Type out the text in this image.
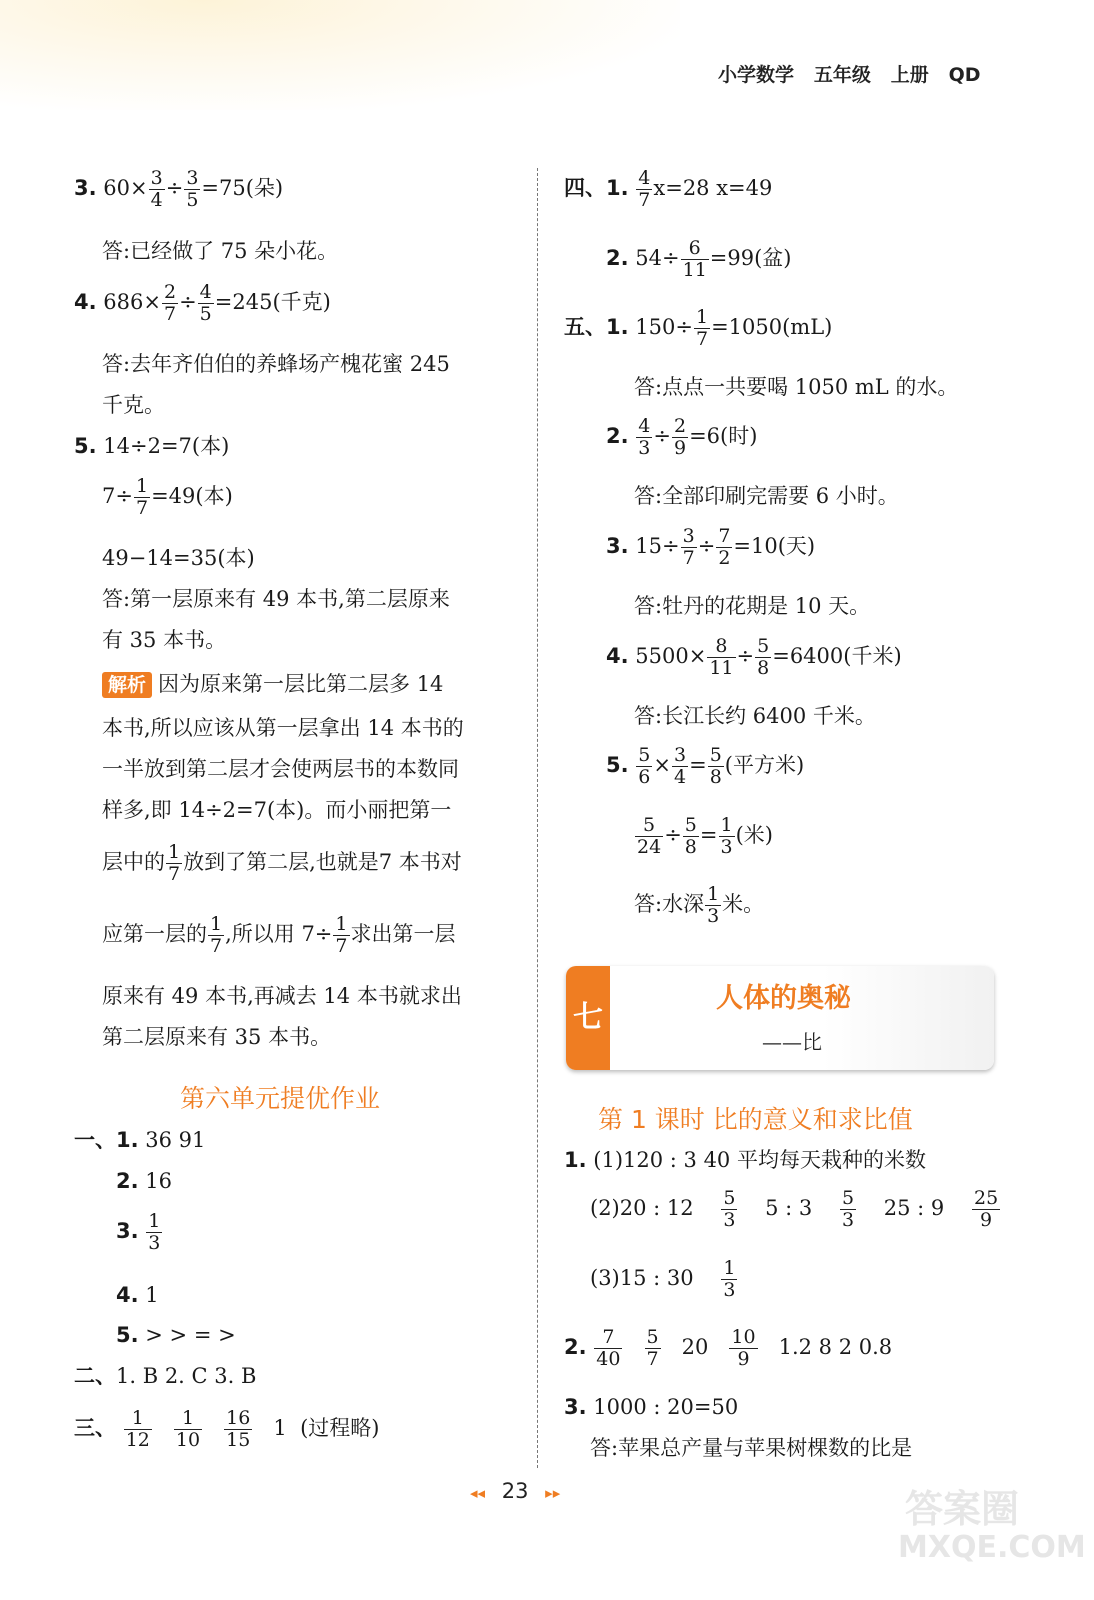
小学数学 五年级 上册 QD
3. $60\times \frac{3}{4} \div \frac{3}{5} =75$(朵)
答:已经做了 75 朵小花。
4. $686\times \frac{2}{7} \div \frac{4}{5} =245$(千克)
答:去年齐伯伯的养蜂场产槐花蜜 245
千克。
5. 14÷2=7(本)
$7\div \frac{1}{7} =49$(本)
49−14=35(本)
答:第一层原来有 49 本书,第二层原来
有 35 本书。
解析 因为原来第一层比第二层多 14
本书,所以应该从第一层拿出 14 本书的
一半放到第二层才会使两层书的本数同
样多,即 14÷2=7(本)。而小丽把第一
层中的 $\frac{1}{7}$ 放到了第二层,也就是7 本书对
应第一层的 $\frac{1}{7}$ ,所以用 $7\div \frac{1}{7}$ 求出第一层
原来有 49 本书,再减去 14 本书就求出
第二层原来有 35 本书。
第六单元提优作业
一、1. 36 91
2. 16
3. $\frac{1}{3}$
4. 1
5. > > = >
二、1. B 2. C 3. B
三、 $\frac{1}{12}$
$\frac{1}{10}$
$\frac{16}{15} 1$ (过程略)
四、1. $\frac{4}{7} x=28$ x=49
2. $54\div \frac{6}{11} =99$(盆)
五、1. $150\div \frac{1}{7} =1050(mL)$
答:点点一共要喝 1050 mL 的水。
2. $\frac{4}{3} \div \frac{2}{9} =6$(时)
答:全部印刷完需要 6 小时。
3. $15\div \frac{3}{7} \div \frac{7}{2} =10$(天)
答:牡丹的花期是 10 天。
4. $5500\times \frac{8}{11} \div \frac{5}{8} =6400$(千米)
答:长江长约 6400 千米。
5. $\frac{5}{6} \times \frac{3}{4} = \frac{5}{8}$ (平方米)
$\frac{5}{24} \div \frac{5}{8} = \frac{1}{3}$ (米)
答:水深 $\frac{1}{3}$ 米。
七
人体的奥秘
——比
第 1 课时 比的意义和求比值
1. (1)120 : 3 40 平均每天栽种的米数
(2)20 : $12 \frac{5}{3} 5$ : $3 \frac{5}{3} 25$ : $9 \frac{25}{9}$
(3)15 : $30 \frac{1}{3}$
2. $\frac{7}{40}$
$\frac{5}{7} 20 \frac{10}{9} 1.2$ 8 2 0.8
3. 1000 : 20=50
答:苹果总产量与苹果树棵数的比是
◂◂ 23 ▸▸	答案圈
MXQE.COM
